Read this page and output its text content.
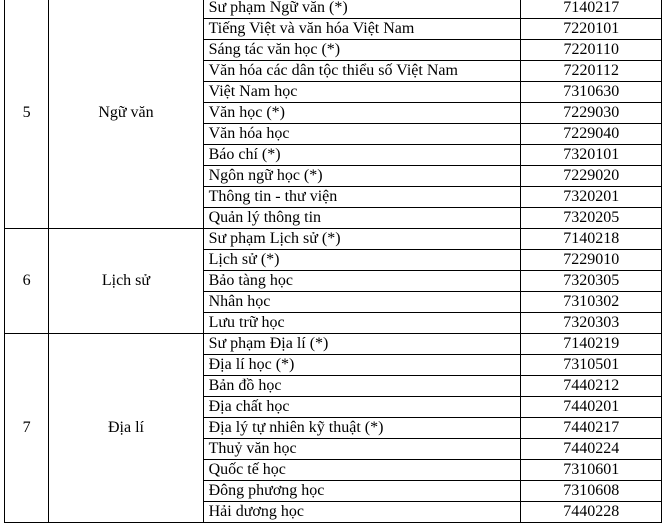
5	Ngữ văn	Sư phạm Ngữ văn (*)	7140217
		Tiếng Việt và văn hóa Việt Nam	7220101
		Sáng tác văn học (*)	7220110
		Văn hóa các dân tộc thiểu số Việt Nam	7220112
		Việt Nam học	7310630
		Văn học (*)	7229030
		Văn hóa học	7229040
		Báo chí (*)	7320101
		Ngôn ngữ học (*)	7229020
		Thông tin - thư viện	7320201
		Quản lý thông tin	7320205
6	Lịch sử	Sư phạm Lịch sử (*)	7140218
		Lịch sử (*)	7229010
		Bảo tàng học	7320305
		Nhân học	7310302
		Lưu trữ học	7320303
7	Địa lí	Sư phạm Địa lí (*)	7140219
		Địa lí học (*)	7310501
		Bản đồ học	7440212
		Địa chất học	7440201
		Địa lý tự nhiên kỹ thuật (*)	7440217
		Thuỷ văn học	7440224
		Quốc tế học	7310601
		Đông phương học	7310608
		Hải dương học	7440228
